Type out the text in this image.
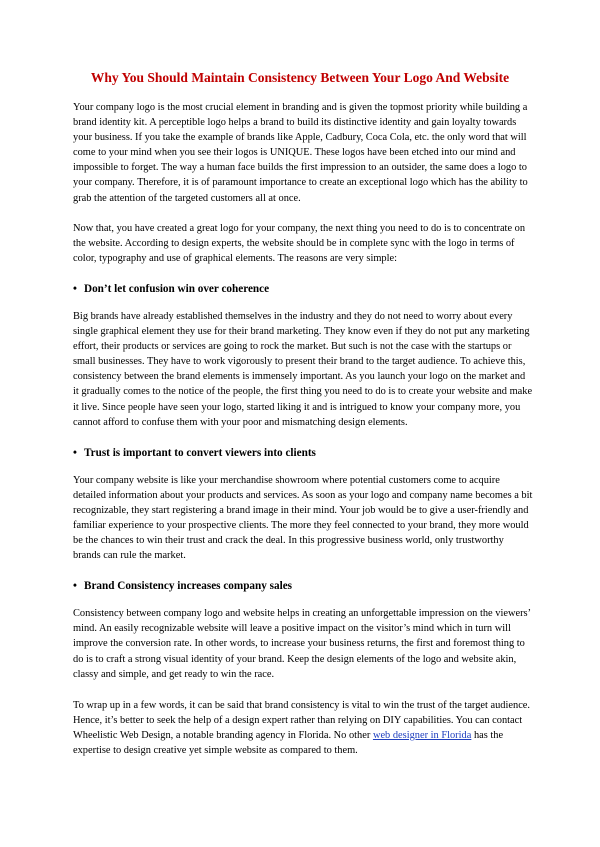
Why You Should Maintain Consistency Between Your Logo And Website

Your company logo is the most crucial element in branding and is given the topmost priority while building a brand identity kit. A perceptible logo helps a brand to build its distinctive identity and gain loyalty towards your business. If you take the example of brands like Apple, Cadbury, Coca Cola, etc. the only word that will come to your mind when you see their logos is UNIQUE. These logos have been etched into our mind and impossible to forget. The way a human face builds the first impression to an outsider, the same does a logo to your company. Therefore, it is of paramount importance to create an exceptional logo which has the ability to grab the attention of the targeted customers all at once.

Now that, you have created a great logo for your company, the next thing you need to do is to concentrate on the website. According to design experts, the website should be in complete sync with the logo in terms of color, typography and use of graphical elements. The reasons are very simple:

• Don’t let confusion win over coherence

Big brands have already established themselves in the industry and they do not need to worry about every single graphical element they use for their brand marketing. They know even if they do not put any marketing effort, their products or services are going to rock the market. But such is not the case with the startups or small businesses. They have to work vigorously to present their brand to the target audience. To achieve this, consistency between the brand elements is immensely important. As you launch your logo on the market and it gradually comes to the notice of the people, the first thing you need to do is to create your website and make it live. Since people have seen your logo, started liking it and is intrigued to know your company more, you cannot afford to confuse them with your poor and mismatching design elements.

• Trust is important to convert viewers into clients

Your company website is like your merchandise showroom where potential customers come to acquire detailed information about your products and services. As soon as your logo and company name becomes a bit recognizable, they start registering a brand image in their mind. Your job would be to give a user-friendly and familiar experience to your prospective clients. The more they feel connected to your brand, they more would be the chances to win their trust and crack the deal. In this progressive business world, only trustworthy brands can rule the market.

• Brand Consistency increases company sales

Consistency between company logo and website helps in creating an unforgettable impression on the viewers’ mind. An easily recognizable website will leave a positive impact on the visitor’s mind which in turn will improve the conversion rate. In other words, to increase your business returns, the first and foremost thing to do is to craft a strong visual identity of your brand. Keep the design elements of the logo and website akin, classy and simple, and get ready to win the race.

To wrap up in a few words, it can be said that brand consistency is vital to win the trust of the target audience. Hence, it’s better to seek the help of a design expert rather than relying on DIY capabilities. You can contact Wheelistic Web Design, a notable branding agency in Florida. No other web designer in Florida has the expertise to design creative yet simple website as compared to them.
